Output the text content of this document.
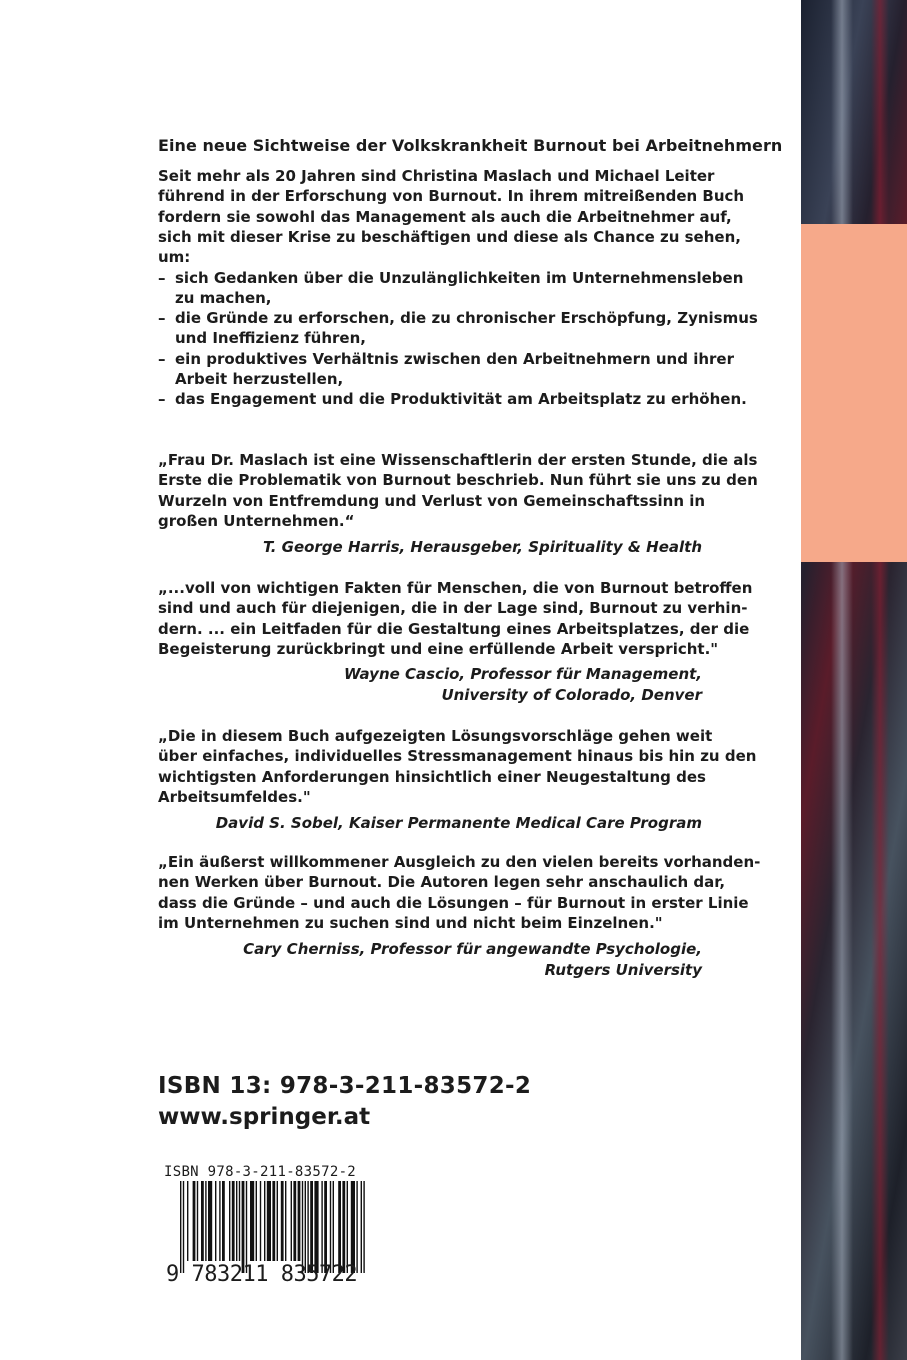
Eine neue Sichtweise der Volkskrankheit Burnout bei Arbeitnehmern
Seit mehr als 20 Jahren sind Christina Maslach und Michael Leiter
führend in der Erforschung von Burnout. In ihrem mitreißenden Buch
fordern sie sowohl das Management als auch die Arbeitnehmer auf,
sich mit dieser Krise zu beschäftigen und diese als Chance zu sehen,
um:
– sich Gedanken über die Unzulänglichkeiten im Unternehmensleben
zu machen,
– die Gründe zu erforschen, die zu chronischer Erschöpfung, Zynismus
und Ineffizienz führen,
– ein produktives Verhältnis zwischen den Arbeitnehmern und ihrer
Arbeit herzustellen,
– das Engagement und die Produktivität am Arbeitsplatz zu erhöhen.
„Frau Dr. Maslach ist eine Wissenschaftlerin der ersten Stunde, die als
Erste die Problematik von Burnout beschrieb. Nun führt sie uns zu den
Wurzeln von Entfremdung und Verlust von Gemeinschaftssinn in
großen Unternehmen.“
T. George Harris, Herausgeber, Spirituality & Health
„...voll von wichtigen Fakten für Menschen, die von Burnout betroffen
sind und auch für diejenigen, die in der Lage sind, Burnout zu verhin-
dern. ... ein Leitfaden für die Gestaltung eines Arbeitsplatzes, der die
Begeisterung zurückbringt und eine erfüllende Arbeit verspricht."
Wayne Cascio, Professor für Management,
University of Colorado, Denver
„Die in diesem Buch aufgezeigten Lösungsvorschläge gehen weit
über einfaches, individuelles Stressmanagement hinaus bis hin zu den
wichtigsten Anforderungen hinsichtlich einer Neugestaltung des
Arbeitsumfeldes."
David S. Sobel, Kaiser Permanente Medical Care Program
„Ein äußerst willkommener Ausgleich zu den vielen bereits vorhanden-
nen Werken über Burnout. Die Autoren legen sehr anschaulich dar,
dass die Gründe – und auch die Lösungen – für Burnout in erster Linie
im Unternehmen zu suchen sind und nicht beim Einzelnen."
Cary Cherniss, Professor für angewandte Psychologie,
Rutgers University
ISBN 13: 978-3-211-83572-2
www.springer.at
ISBN 978-3-211-83572-2
9 783211 835722
